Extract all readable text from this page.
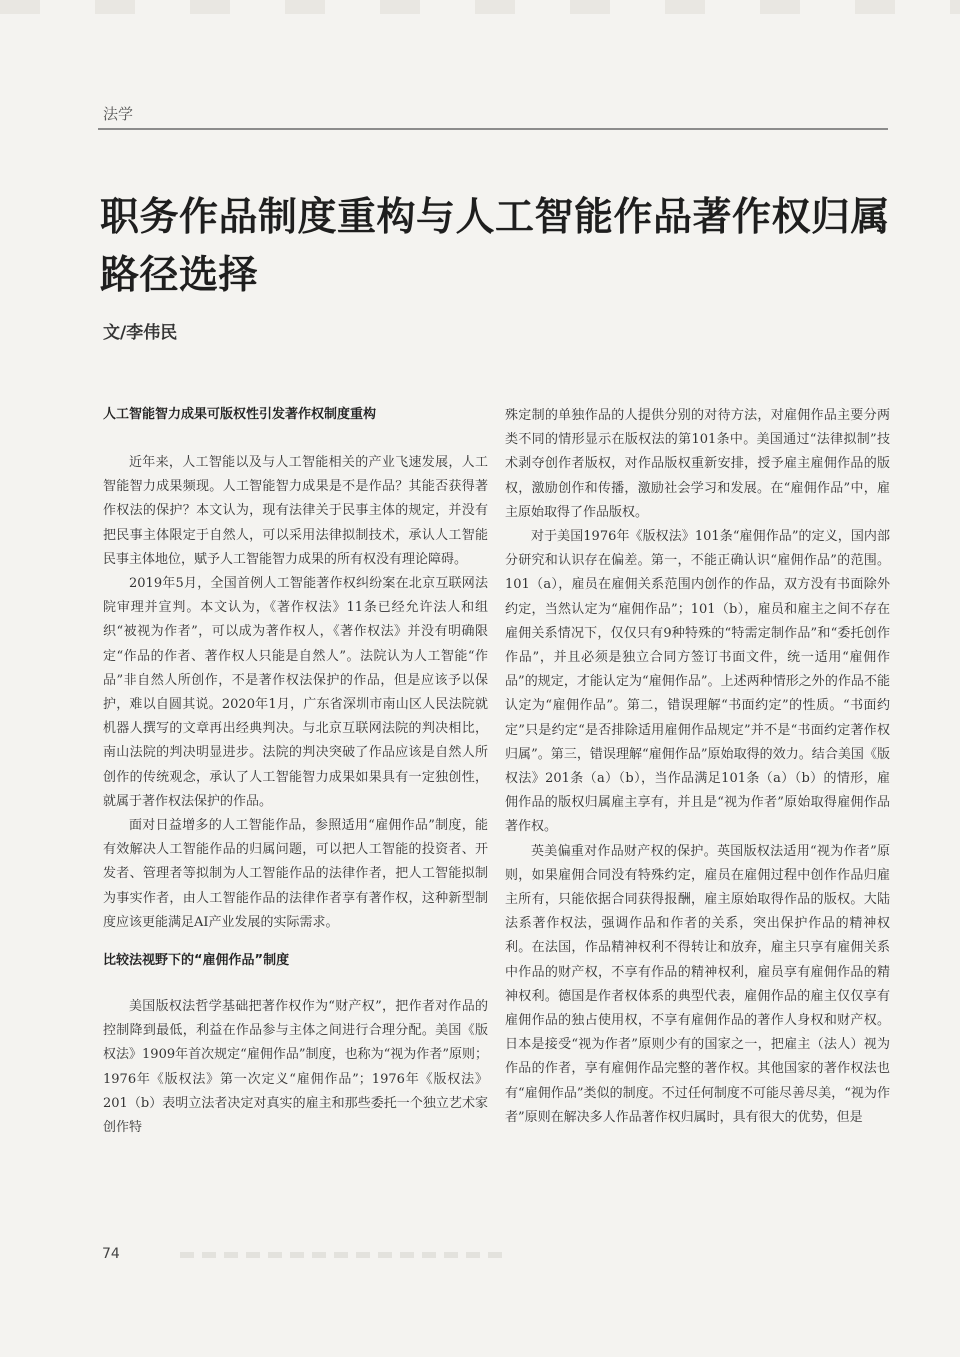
法学
职务作品制度重构与人工智能作品著作权归属路径选择
文/李伟民
人工智能智力成果可版权性引发著作权制度重构

近年来，人工智能以及与人工智能相关的产业飞速发展，人工智能智力成果频现。人工智能智力成果是不是作品？其能否获得著作权法的保护？本文认为，现有法律关于民事主体的规定，并没有把民事主体限定于自然人，可以采用法律拟制技术，承认人工智能民事主体地位，赋予人工智能智力成果的所有权没有理论障碍。

2019年5月，全国首例人工智能著作权纠纷案在北京互联网法院审理并宣判。本文认为，《著作权法》11条已经允许法人和组织“被视为作者”，可以成为著作权人，《著作权法》并没有明确限定“作品的作者、著作权人只能是自然人”。法院认为人工智能“作品”非自然人所创作，不是著作权法保护的作品，但是应该予以保护，难以自圆其说。2020年1月，广东省深圳市南山区人民法院就机器人撰写的文章再出经典判决。与北京互联网法院的判决相比，南山法院的判决明显进步。法院的判决突破了作品应该是自然人所创作的传统观念，承认了人工智能智力成果如果具有一定独创性，就属于著作权法保护的作品。

面对日益增多的人工智能作品，参照适用“雇佣作品”制度，能有效解决人工智能作品的归属问题，可以把人工智能的投资者、开发者、管理者等拟制为人工智能作品的法律作者，把人工智能拟制为事实作者，由人工智能作品的法律作者享有著作权，这种新型制度应该更能满足AI产业发展的实际需求。

比较法视野下的“雇佣作品”制度

美国版权法哲学基础把著作权作为“财产权”，把作者对作品的控制降到最低，利益在作品参与主体之间进行合理分配。美国《版权法》1909年首次规定“雇佣作品”制度，也称为“视为作者”原则；1976年《版权法》第一次定义“雇佣作品”；1976年《版权法》201（b）表明立法者决定对真实的雇主和那些委托一个独立艺术家创作特

殊定制的单独作品的人提供分别的对待方法，对雇佣作品主要分两类不同的情形显示在版权法的第101条中。美国通过“法律拟制”技术剥夺创作者版权，对作品版权重新安排，授予雇主雇佣作品的版权，激励创作和传播，激励社会学习和发展。在“雇佣作品”中，雇主原始取得了作品版权。

对于美国1976年《版权法》101条“雇佣作品”的定义，国内部分研究和认识存在偏差。第一，不能正确认识“雇佣作品”的范围。101（a），雇员在雇佣关系范围内创作的作品，双方没有书面除外约定，当然认定为“雇佣作品”；101（b），雇员和雇主之间不存在雇佣关系情况下，仅仅只有9种特殊的“特需定制作品”和“委托创作作品”，并且必须是独立合同方签订书面文件，统一适用“雇佣作品”的规定，才能认定为“雇佣作品”。上述两种情形之外的作品不能认定为“雇佣作品”。第二，错误理解“书面约定”的性质。“书面约定”只是约定“是否排除适用雇佣作品规定”并不是“书面约定著作权归属”。第三，错误理解“雇佣作品”原始取得的效力。结合美国《版权法》201条（a）（b），当作品满足101条（a）（b）的情形，雇佣作品的版权归属雇主享有，并且是“视为作者”原始取得雇佣作品著作权。

英美偏重对作品财产权的保护。英国版权法适用“视为作者”原则，如果雇佣合同没有特殊约定，雇员在雇佣过程中创作作品归雇主所有，只能依据合同获得报酬，雇主原始取得作品的版权。大陆法系著作权法，强调作品和作者的关系，突出保护作品的精神权利。在法国，作品精神权利不得转让和放弃，雇主只享有雇佣关系中作品的财产权，不享有作品的精神权利，雇员享有雇佣作品的精神权利。德国是作者权体系的典型代表，雇佣作品的雇主仅仅享有雇佣作品的独占使用权，不享有雇佣作品的著作人身权和财产权。日本是接受“视为作者”原则少有的国家之一，把雇主（法人）视为作品的作者，享有雇佣作品完整的著作权。其他国家的著作权法也有“雇佣作品”类似的制度。不过任何制度不可能尽善尽美，“视为作者”原则在解决多人作品著作权归属时，具有很大的优势，但是

74
